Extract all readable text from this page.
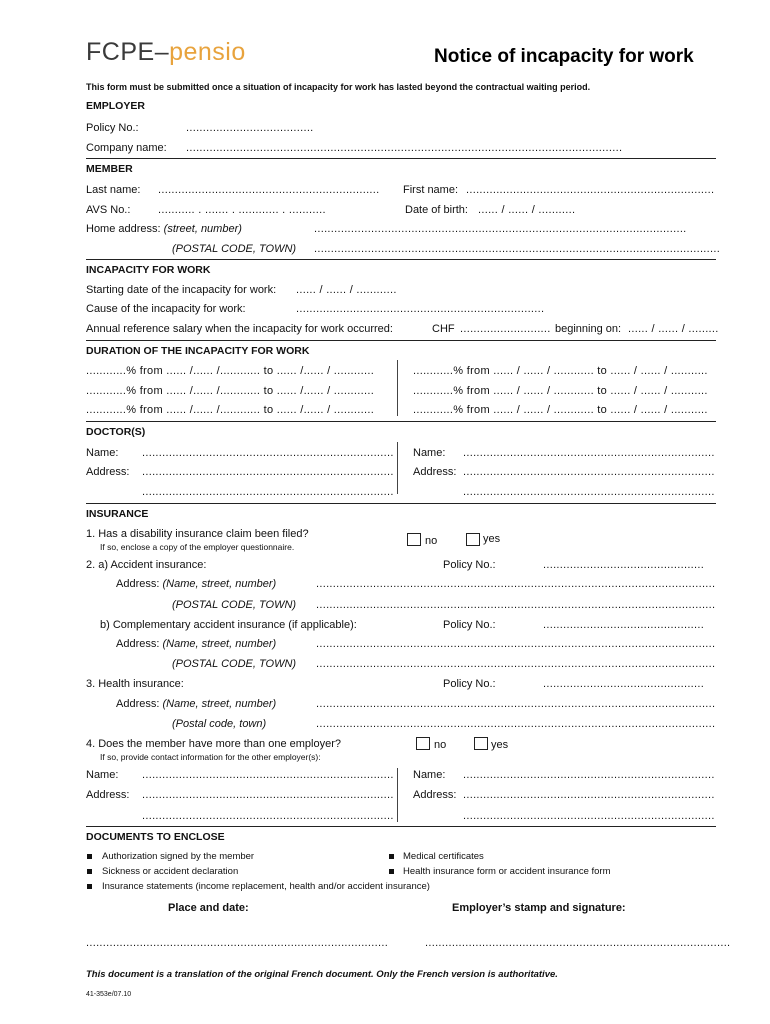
FCPE–pensio	Notice of incapacity for work
This form must be submitted once a situation of incapacity for work has lasted beyond the contractual waiting period.
EMPLOYER
Policy No.:	......................................
Company name: ..................................................................................................................................
MEMBER
Last name: .................................................................. First name: ..........................................................................
AVS No.:	........... . ....... . ............ . ...........	Date of birth: ...... / ...... / ...........
Home address: (street, number)	...............................................................................................................
(POSTAL CODE, TOWN) .........................................................................................................................
INCAPACITY FOR WORK
Starting date of the incapacity for work: ...... / ...... / ............
Cause of the incapacity for work:	..........................................................................
Annual reference salary when the incapacity for work occurred:	CHF ........................... beginning on: ...... / ...... / .........
DURATION OF THE INCAPACITY FOR WORK
............% from ...... /...... /............ to ...... /...... / ............
............% from ...... /...... /............ to ...... /...... / ............
............% from ...... /...... /............ to ...... /...... / ............
............% from ...... / ...... / ............ to ...... / ...... / ...........
............% from ...... / ...... / ............ to ...... / ...... / ...........
............% from ...... / ...... / ............ to ...... / ...... / ...........
DOCTOR(S)
Name: ........................................................................... Name: ...........................................................................
Address: ........................................................................... Address: ...........................................................................
...........................................................................	...........................................................................
INSURANCE
1. Has a disability insurance claim been filed?
If so, enclose a copy of the employer questionnaire.	no	yes
2. a) Accident insurance:	Policy No.:	................................................
Address: (Name, street, number)	.......................................................................................................................
(POSTAL CODE, TOWN) .......................................................................................................................
b) Complementary accident insurance (if applicable):	Policy No.:	................................................
Address: (Name, street, number)	.......................................................................................................................
(POSTAL CODE, TOWN) .......................................................................................................................
3. Health insurance:	Policy No.:	................................................
Address: (Name, street, number)	.......................................................................................................................
(Postal code, town)	.......................................................................................................................
4. Does the member have more than one employer?
If so, provide contact information for the other employer(s):
no	yes
Name: ........................................................................... Name: ...........................................................................
Address: ........................................................................... Address: ...........................................................................
...........................................................................	...........................................................................
DOCUMENTS TO ENCLOSE
Authorization signed by the member
Sickness or accident declaration
Insurance statements (income replacement, health and/or accident insurance)
Medical certificates
Health insurance form or accident insurance form
Place and date:	Employer’s stamp and signature:
..........................................................................................	...........................................................................................
This document is a translation of the original French document. Only the French version is authoritative.
41-353e/07.10
